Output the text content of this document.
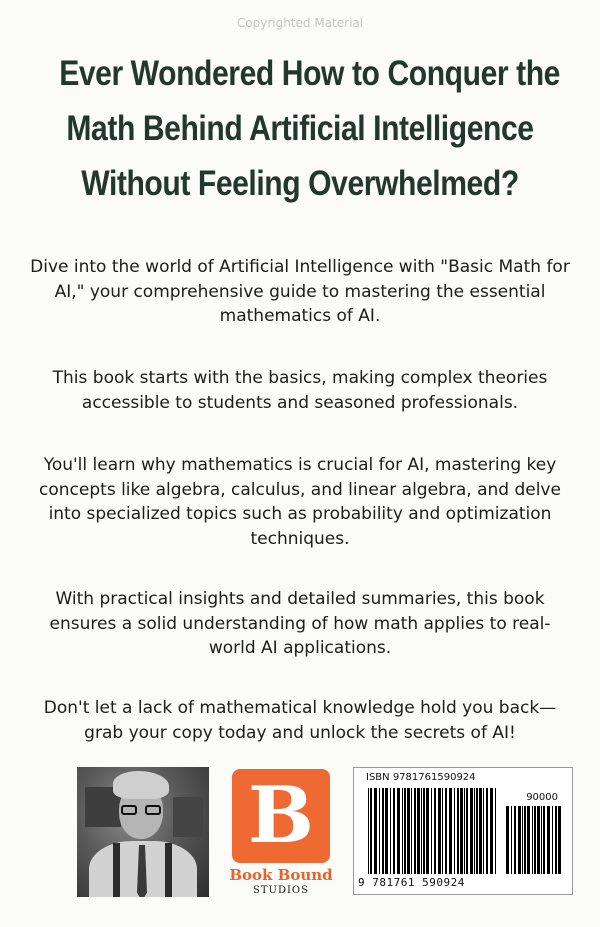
Copyrighted Material
Ever Wondered How to Conquer the
Math Behind Artificial Intelligence
Without Feeling Overwhelmed?

Dive into the world of Artificial Intelligence with "Basic Math for AI," your comprehensive guide to mastering the essential mathematics of AI.

This book starts with the basics, making complex theories accessible to students and seasoned professionals.

You'll learn why mathematics is crucial for AI, mastering key concepts like algebra, calculus, and linear algebra, and delve into specialized topics such as probability and optimization techniques.

With practical insights and detailed summaries, this book ensures a solid understanding of how math applies to real-world AI applications.

Don't let a lack of mathematical knowledge hold you back—grab your copy today and unlock the secrets of AI!

B
Book Bound
STUDIOS
ISBN 9781761590924
90000
9 781761 590924
